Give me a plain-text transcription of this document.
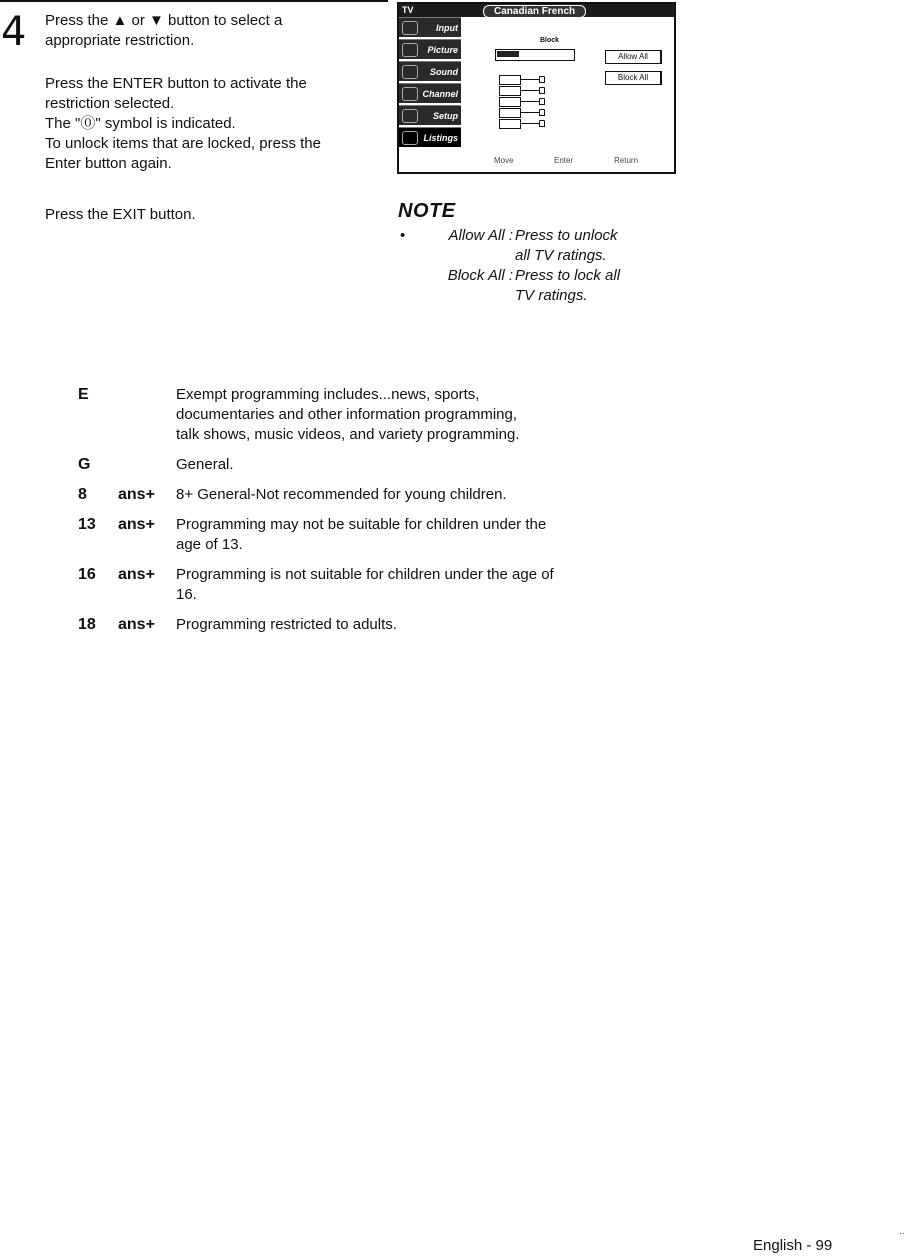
4 Press the ▲ or ▼ button to select a
appropriate restriction.
Press the ENTER button to activate the
restriction selected.
The "⓪" symbol is indicated.
To unlock items that are locked, press the
Enter button again.
Press the EXIT button.
TV	Canadian French
Input
Picture
Sound
Channel
Setup
Listings
Block
Allow All
Block All
Move	Enter	Return
NOTE
•	Allow All : Press to unlock
all TV ratings.
Block All : Press to lock all
TV ratings.
E	Exempt programming includes...news, sports,
documentaries and other information programming,
talk shows, music videos, and variety programming.
G	General.
8 ans+ 8+ General-Not recommended for young children.
13 ans+ Programming may not be suitable for children under the
age of 13.
16 ans+ Programming is not suitable for children under the age of
16.
18 ans+ Programming restricted to adults.
English - 99
..
